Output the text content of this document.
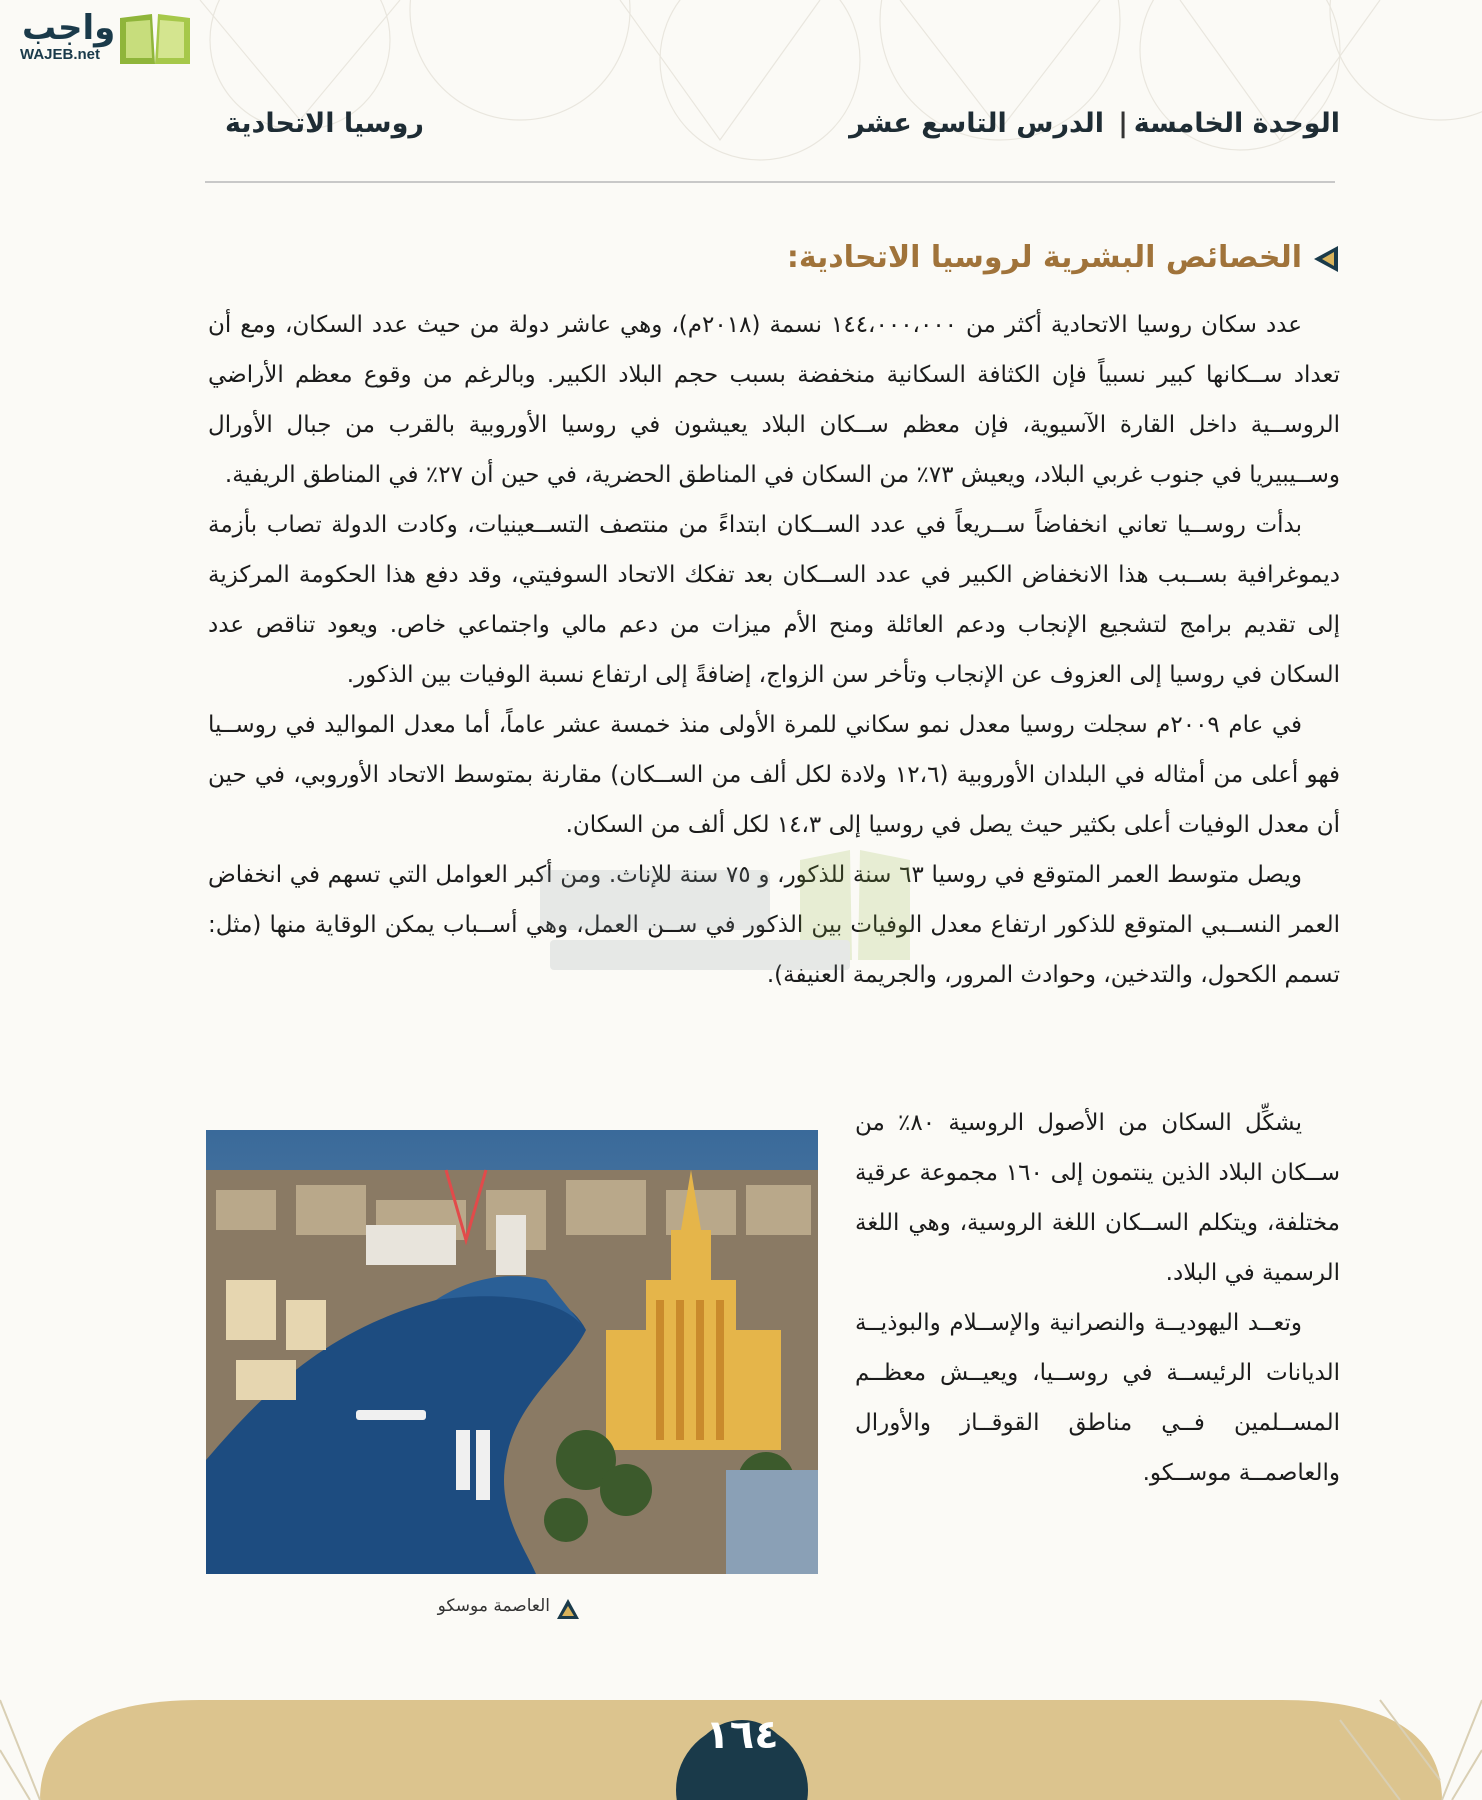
واجب
WAJEB.net
الوحدة الخامسة
|
الدرس التاسع عشر
روسيا الاتحادية
الخصائص البشرية لروسيا الاتحادية:

عدد سكان روسيا الاتحادية أكثر من ١٤٤،٠٠٠،٠٠٠ نسمة (٢٠١٨م)، وهي عاشر دولة من حيث عدد السكان، ومع أن تعداد ســكانها كبير نسبياً فإن الكثافة السكانية منخفضة بسبب حجم البلاد الكبير. وبالرغم من وقوع معظم الأراضي الروســية داخل القارة الآسيوية، فإن معظم ســكان البلاد يعيشون في روسيا الأوروبية بالقرب من جبال الأورال وســيبيريا في جنوب غربي البلاد، ويعيش ٧٣٪ من السكان في المناطق الحضرية، في حين أن ٢٧٪ في المناطق الريفية.

بدأت روســيا تعاني انخفاضاً ســريعاً في عدد الســكان ابتداءً من منتصف التســعينيات، وكادت الدولة تصاب بأزمة ديموغرافية بســبب هذا الانخفاض الكبير في عدد الســكان بعد تفكك الاتحاد السوفيتي، وقد دفع هذا الحكومة المركزية إلى تقديم برامج لتشجيع الإنجاب ودعم العائلة ومنح الأم ميزات من دعم مالي واجتماعي خاص. ويعود تناقص عدد السكان في روسيا إلى العزوف عن الإنجاب وتأخر سن الزواج، إضافةً إلى ارتفاع نسبة الوفيات بين الذكور.

في عام ٢٠٠٩م سجلت روسيا معدل نمو سكاني للمرة الأولى منذ خمسة عشر عاماً، أما معدل المواليد في روســيا فهو أعلى من أمثاله في البلدان الأوروبية (١٢،٦ ولادة لكل ألف من الســكان) مقارنة بمتوسط الاتحاد الأوروبي، في حين أن معدل الوفيات أعلى بكثير حيث يصل في روسيا إلى ١٤،٣ لكل ألف من السكان.

ويصل متوسط العمر المتوقع في روسيا ٦٣ سنة للذكور، و ٧٥ سنة للإناث. ومن أكبر العوامل التي تسهم في انخفاض العمر النســبي المتوقع للذكور ارتفاع معدل الوفيات بين الذكور في ســن العمل، وهي أســباب يمكن الوقاية منها (مثل: تسمم الكحول، والتدخين، وحوادث المرور، والجريمة العنيفة).

يشكِّل السكان من الأصول الروسية ٨٠٪ من ســكان البلاد الذين ينتمون إلى ١٦٠ مجموعة عرقية مختلفة، ويتكلم الســكان اللغة الروسية، وهي اللغة الرسمية في البلاد.

وتعــد اليهوديــة والنصرانية والإســلام والبوذيــة الديانات الرئيســة في روســيا، ويعيــش معظــم المســلمين فــي مناطق القوقــاز والأورال والعاصمــة موســكو.

العاصمة موسكو
١٦٤
